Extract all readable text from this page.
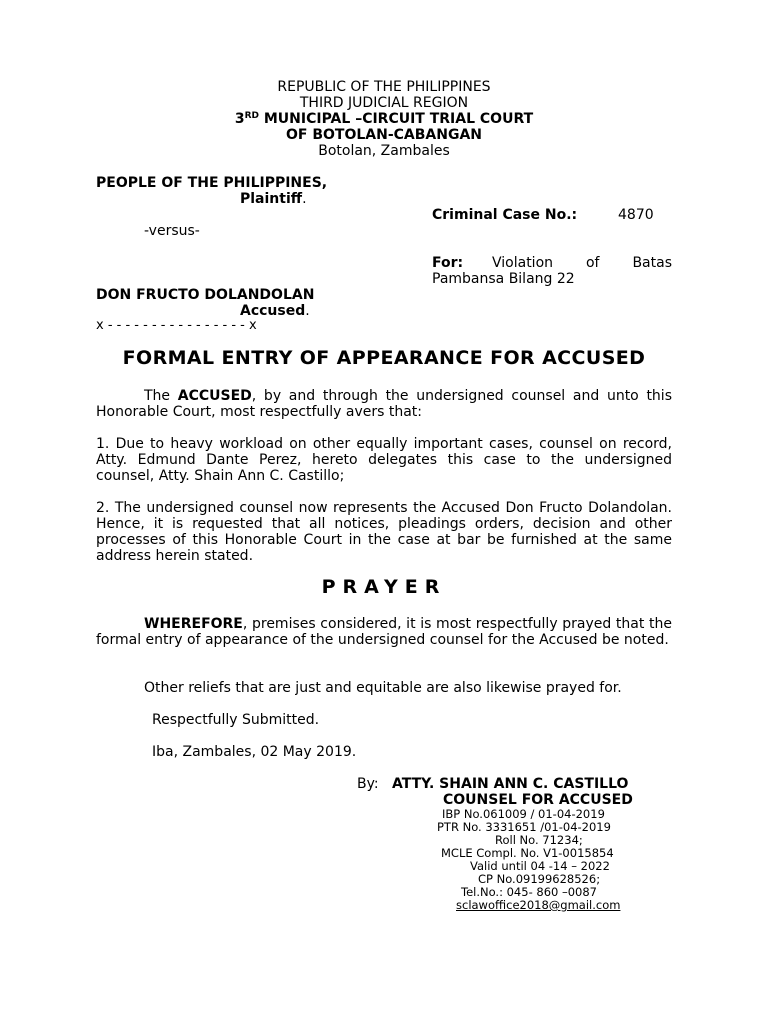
REPUBLIC OF THE PHILIPPINES

THIRD JUDICIAL REGION

3RD MUNICIPAL –CIRCUIT TRIAL COURT

OF BOTOLAN-CABANGAN

Botolan, Zambales

PEOPLE OF THE PHILIPPINES,

Plaintiff.

Criminal Case No.:	4870

-versus-

For: Violation of Batas

Pambansa Bilang 22

DON FRUCTO DOLANDOLAN

Accused.

x - - - - - - - - - - - - - - - - x

FORMAL ENTRY OF APPEARANCE FOR ACCUSED

The ACCUSED, by and through the undersigned counsel and unto this Honorable Court, most respectfully avers that:

1. Due to heavy workload on other equally important cases, counsel on record, Atty. Edmund Dante Perez, hereto delegates this case to the undersigned counsel, Atty. Shain Ann C. Castillo;

2. The undersigned counsel now represents the Accused Don Fructo Dolandolan. Hence, it is requested that all notices, pleadings orders, decision and other processes of this Honorable Court in the case at bar be furnished at the same address herein stated.

PRAYER

WHEREFORE, premises considered, it is most respectfully prayed that the formal entry of appearance of the undersigned counsel for the Accused be noted.

Other reliefs that are just and equitable are also likewise prayed for.

Respectfully Submitted.

Iba, Zambales, 02 May 2019.

By: ATTY. SHAIN ANN C. CASTILLO

COUNSEL FOR ACCUSED

IBP No.061009 / 01-04-2019

PTR No. 3331651 /01-04-2019

Roll No. 71234;

MCLE Compl. No. V1-0015854

Valid until 04 -14 – 2022

CP No.09199628526;

Tel.No.: 045- 860 –0087

sclawoffice2018@gmail.com
